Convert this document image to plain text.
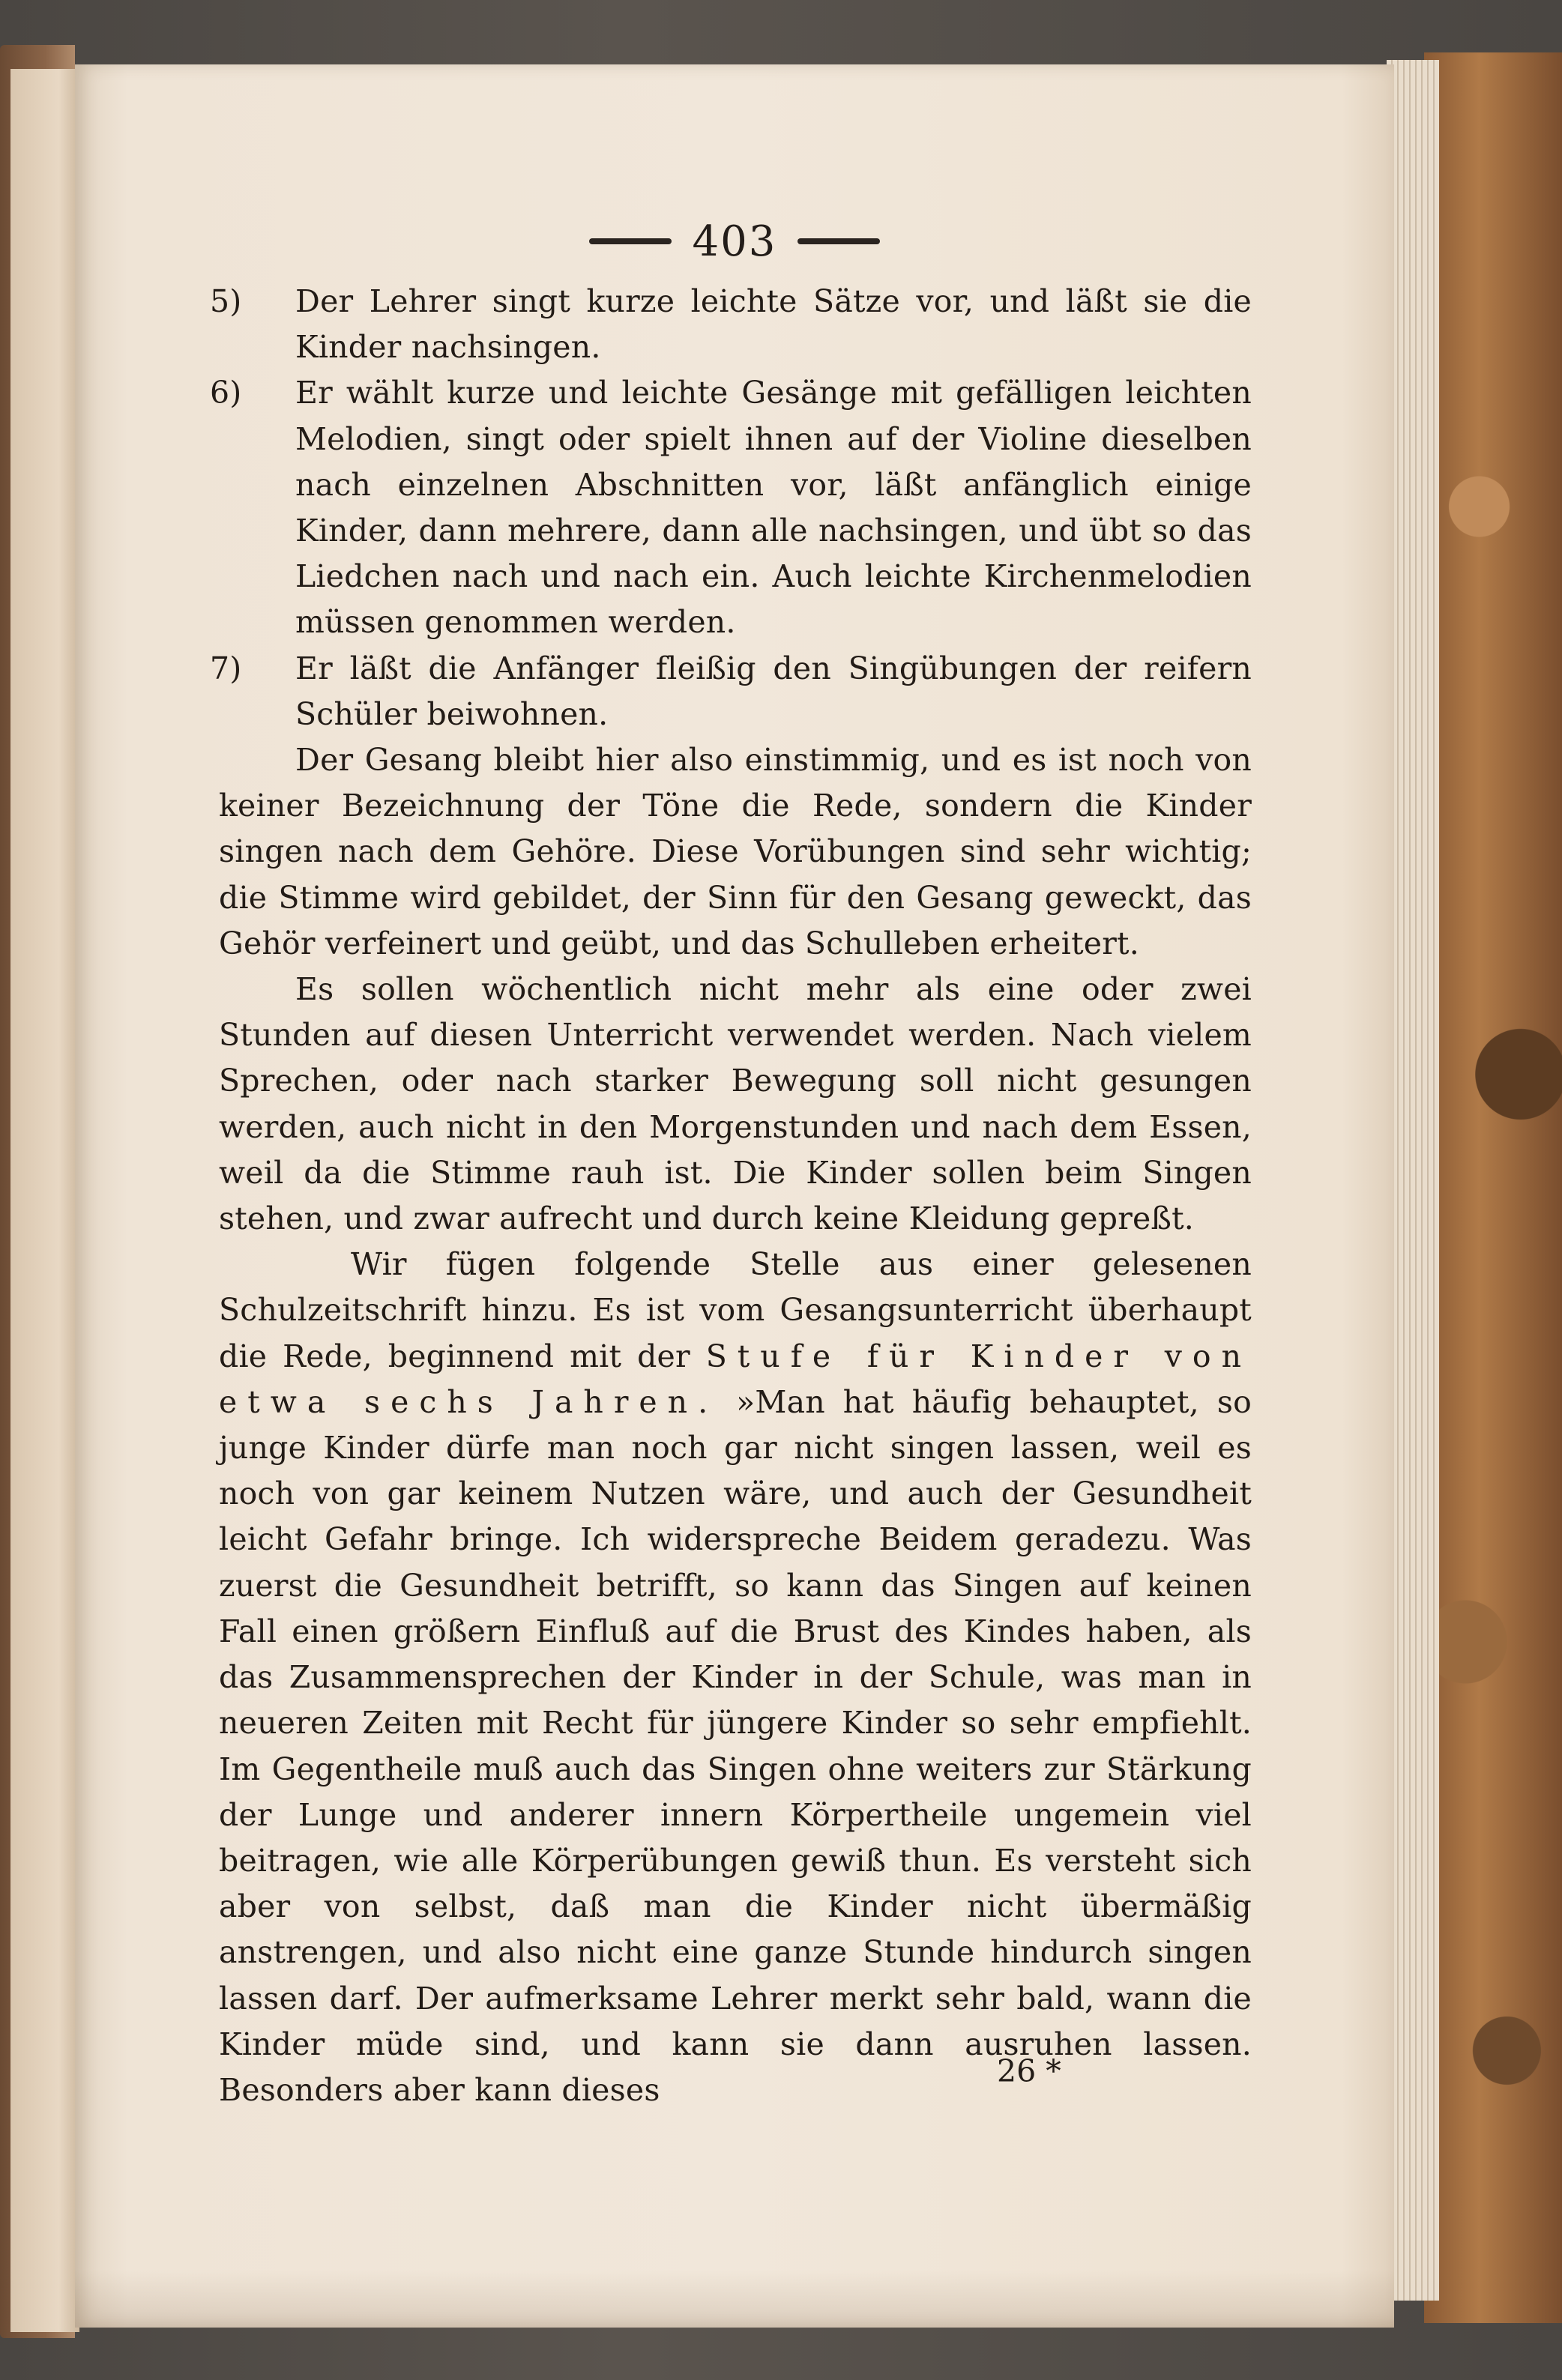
403
5)	Der Lehrer singt kurze leichte Sätze vor, und läßt sie die Kinder nachsingen.
6)	Er wählt kurze und leichte Gesänge mit gefälligen leichten Melodien, singt oder spielt ihnen auf der Violine dieselben nach einzelnen Abschnitten vor, läßt anfänglich einige Kinder, dann mehrere, dann alle nachsingen, und übt so das Liedchen nach und nach ein. Auch leichte Kirchenmelodien müssen genommen werden.
7)	Er läßt die Anfänger fleißig den Singübungen der reifern Schüler beiwohnen.

Der Gesang bleibt hier also einstimmig, und es ist noch von keiner Bezeichnung der Töne die Rede, sondern die Kinder singen nach dem Gehöre. Diese Vorübungen sind sehr wichtig; die Stimme wird gebildet, der Sinn für den Gesang geweckt, das Gehör verfeinert und geübt, und das Schulleben erheitert.

Es sollen wöchentlich nicht mehr als eine oder zwei Stunden auf diesen Unterricht verwendet werden. Nach vielem Sprechen, oder nach starker Bewegung soll nicht gesungen werden, auch nicht in den Morgenstunden und nach dem Essen, weil da die Stimme rauh ist. Die Kinder sollen beim Singen stehen, und zwar aufrecht und durch keine Kleidung gepreßt.

Wir fügen folgende Stelle aus einer gelesenen Schulzeitschrift hinzu. Es ist vom Gesangsunterricht überhaupt die Rede, beginnend mit der Stufe für Kinder von etwa sechs Jahren. »Man hat häufig behauptet, so junge Kinder dürfe man noch gar nicht singen lassen, weil es noch von gar keinem Nutzen wäre, und auch der Gesundheit leicht Gefahr bringe. Ich widerspreche Beidem geradezu. Was zuerst die Gesundheit betrifft, so kann das Singen auf keinen Fall einen größern Einfluß auf die Brust des Kindes haben, als das Zusammensprechen der Kinder in der Schule, was man in neueren Zeiten mit Recht für jüngere Kinder so sehr empfiehlt. Im Gegentheile muß auch das Singen ohne weiters zur Stärkung der Lunge und anderer innern Körpertheile ungemein viel beitragen, wie alle Körperübungen gewiß thun. Es versteht sich aber von selbst, daß man die Kinder nicht übermäßig anstrengen, und also nicht eine ganze Stunde hindurch singen lassen darf. Der aufmerksame Lehrer merkt sehr bald, wann die Kinder müde sind, und kann sie dann ausruhen lassen. Besonders aber kann dieses

26 *
